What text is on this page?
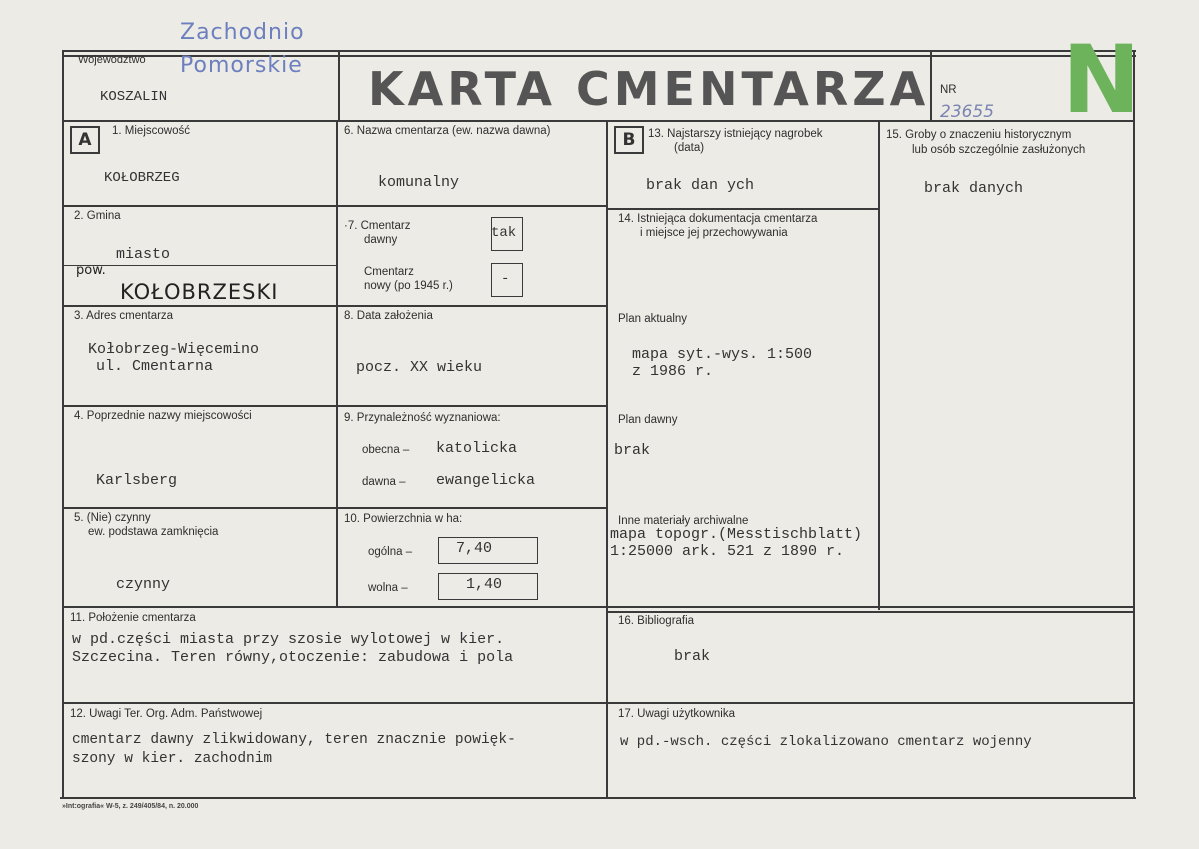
Województwo
Zachodnio
Pomorskie
KOSZALIN	KARTA CMENTARZA NR
23655 N
A	B
1. Miejscowość
KOŁOBRZEG
2. Gmina
miasto
pow.
KOŁOBRZESKI
3. Adres cmentarza
Kołobrzeg-Więcemino
ul. Cmentarna
4. Poprzednie nazwy miejscowości
Karlsberg
5. (Nie) czynny
ew. podstawa zamknięcia
czynny
6. Nazwa cmentarza (ew. nazwa dawna)
komunalny
·7. Cmentarz
dawny	tak
Cmentarz
nowy (po 1945 r.)	-
8. Data założenia
pocz. XX wieku
9. Przynależność wyznaniowa:
obecna – katolicka
dawna – ewangelicka
10. Powierzchnia w ha:
ogólna –	7,40
wolna –	1,40
13. Najstarszy istniejący nagrobek
(data)
brak dan ych
14. Istniejąca dokumentacja cmentarza
i miejsce jej przechowywania
Plan aktualny
mapa syt.-wys. 1:500
z 1986 r.
Plan dawny
brak
Inne materiały archiwalne
mapa topogr.(Messtischblatt)
1:25000 ark. 521 z 1890 r.
15. Groby o znaczeniu historycznym
lub osób szczególnie zasłużonych
brak danych
11. Położenie cmentarza
w pd.części miasta przy szosie wylotowej w kier.
Szczecina. Teren równy,otoczenie: zabudowa i pola
16. Bibliografia
brak
12. Uwagi Ter. Org. Adm. Państwowej
cmentarz dawny zlikwidowany, teren znacznie powięk-
szony w kier. zachodnim
17. Uwagi użytkownika
w pd.-wsch. części zlokalizowano cmentarz wojenny
»Int:ografia« W-5, z. 249/405/84, n. 20.000
